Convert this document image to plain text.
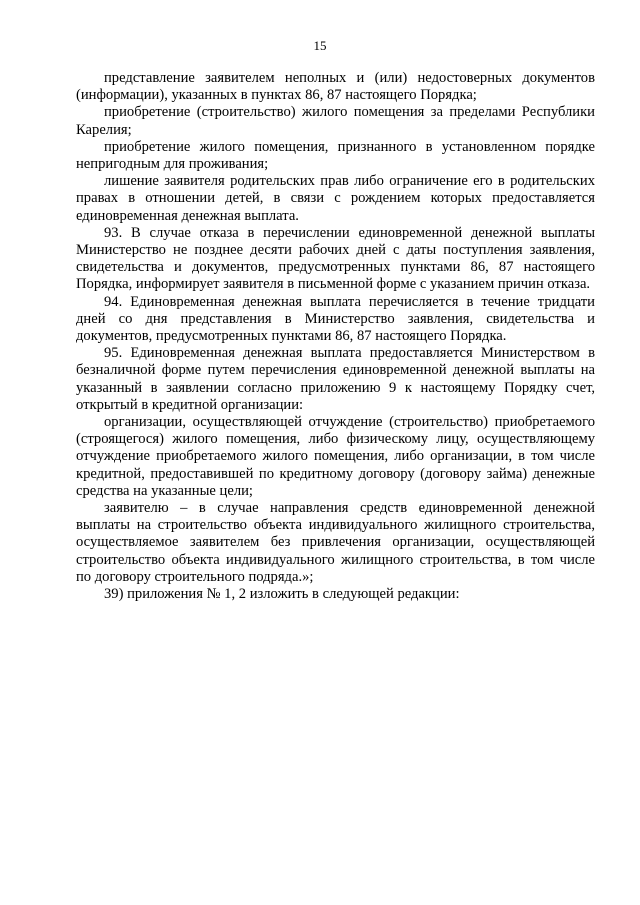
15

представление заявителем неполных и (или) недостоверных документов (информации), указанных в пунктах 86, 87 настоящего Порядка;

приобретение (строительство) жилого помещения за пределами Республики Карелия;

приобретение жилого помещения, признанного в установленном порядке непригодным для проживания;

лишение заявителя родительских прав либо ограничение его в родительских правах в отношении детей, в связи с рождением которых предоставляется единовременная денежная выплата.

93. В случае отказа в перечислении единовременной денежной выплаты Министерство не позднее десяти рабочих дней с даты поступления заявления, свидетельства и документов, предусмотренных пунктами 86, 87 настоящего Порядка, информирует заявителя в письменной форме с указанием причин отказа.

94. Единовременная денежная выплата перечисляется в течение тридцати дней со дня представления в Министерство заявления, свидетельства и документов, предусмотренных пунктами 86, 87 настоящего Порядка.

95. Единовременная денежная выплата предоставляется Министерством в безналичной форме путем перечисления единовременной денежной выплаты на указанный в заявлении согласно приложению 9 к настоящему Порядку счет, открытый в кредитной организации:

организации, осуществляющей отчуждение (строительство) приобретаемого (строящегося) жилого помещения, либо физическому лицу, осуществляющему отчуждение приобретаемого жилого помещения, либо организации, в том числе кредитной, предоставившей по кредитному договору (договору займа) денежные средства на указанные цели;

заявителю – в случае направления средств единовременной денежной выплаты на строительство объекта индивидуального жилищного строительства, осуществляемое заявителем без привлечения организации, осуществляющей строительство объекта индивидуального жилищного строительства, в том числе по договору строительного подряда.»;

39) приложения № 1, 2 изложить в следующей редакции:
